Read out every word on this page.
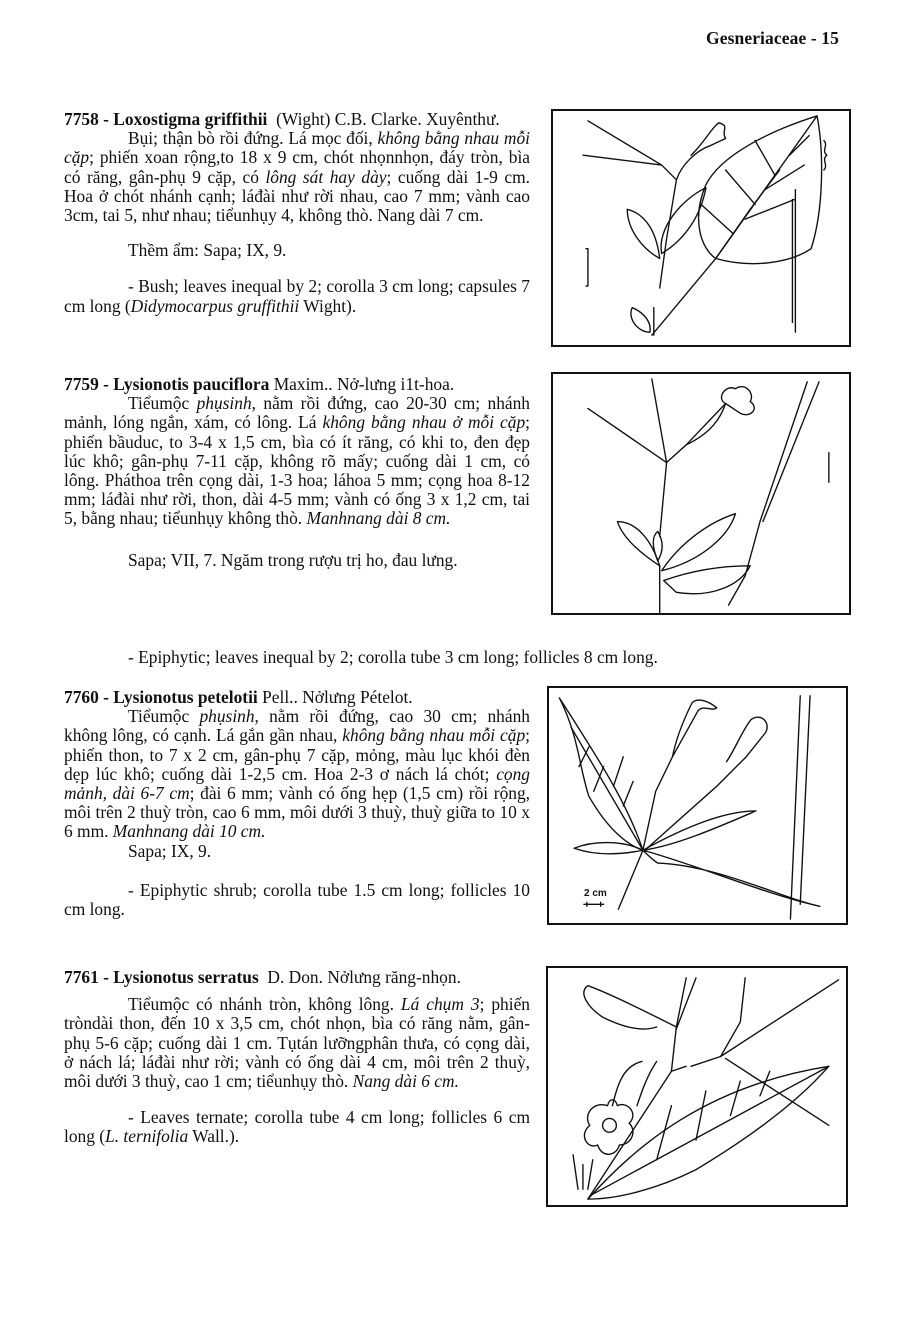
Gesneriaceae - 15

7758 - Loxostigma griffithii (Wight) C.B. Clarke. Xuyênthư.

Bụi; thận bò rồi đứng. Lá mọc đối, không bằng nhau mỗi cặp; phiến xoan rộng,to 18 x 9 cm, chót nhọnnhọn, đáy tròn, bìa có răng, gân-phụ 9 cặp, có lông sát hay dày; cuống dài 1-9 cm. Hoa ở chót nhánh cạnh; láđài như rời nhau, cao 7 mm; vành cao 3cm, tai 5, như nhau; tiểunhụy 4, không thò. Nang dài 7 cm.

Thềm ẩm: Sapa; IX, 9.

- Bush; leaves inequal by 2; corolla 3 cm long; capsules 7 cm long (Didymocarpus gruffithii Wight).

7759 - Lysionotis pauciflora Maxim.. Nở-lưng i1t-hoa.

Tiểumộc phụsinh, nằm rồi đứng, cao 20-30 cm; nhánh mảnh, lóng ngắn, xám, có lông. Lá không bằng nhau ở mỗi cặp; phiến bầuduc, to 3-4 x 1,5 cm, bìa có ít răng, có khi to, đen đẹp lúc khô; gân-phụ 7-11 cặp, không rõ mấy; cuống dài 1 cm, có lông. Pháthoa trên cọng dài, 1-3 hoa; láhoa 5 mm; cọng hoa 8-12 mm; láđài như rời, thon, dài 4-5 mm; vành có ống 3 x 1,2 cm, tai 5, bằng nhau; tiểunhụy không thò. Manhnang dài 8 cm.

Sapa; VII, 7. Ngăm trong rượu trị ho, đau lưng.

- Epiphytic; leaves inequal by 2; corolla tube 3 cm long; follicles 8 cm long.

7760 - Lysionotus petelotii Pell.. Nởlưng Pételot.

Tiểumộc phụsinh, nằm rồi đứng, cao 30 cm; nhánh không lông, có cạnh. Lá gắn gần nhau, không bằng nhau mỗi cặp; phiến thon, to 7 x 2 cm, gân-phụ 7 cặp, mỏng, màu lục khói đèn dẹp lúc khô; cuống dài 1-2,5 cm. Hoa 2-3 ơ nách lá chót; cọng mảnh, dài 6-7 cm; đài 6 mm; vành có ống hẹp (1,5 cm) rồi rộng, môi trên 2 thuỳ tròn, cao 6 mm, môi dưới 3 thuỳ, thuỳ giữa to 10 x 6 mm. Manhnang dài 10 cm.

Sapa; IX, 9.

- Epiphytic shrub; corolla tube 1.5 cm long; follicles 10 cm long.

7761 - Lysionotus serratus D. Don. Nởlưng răng-nhọn.

Tiểumộc có nhánh tròn, không lông. Lá chụm 3; phiến tròndài thon, đến 10 x 3,5 cm, chót nhọn, bìa có răng nằm, gân-phụ 5-6 cặp; cuống dài 1 cm. Tụtán lưỡngphân thưa, có cọng dài, ở nách lá; láđài như rời; vành có ống dài 4 cm, môi trên 2 thuỳ, môi dưới 3 thuỳ, cao 1 cm; tiểunhụy thò. Nang dài 6 cm.

- Leaves ternate; corolla tube 4 cm long; follicles 6 cm long (L. ternifolia Wall.).

2 cm
